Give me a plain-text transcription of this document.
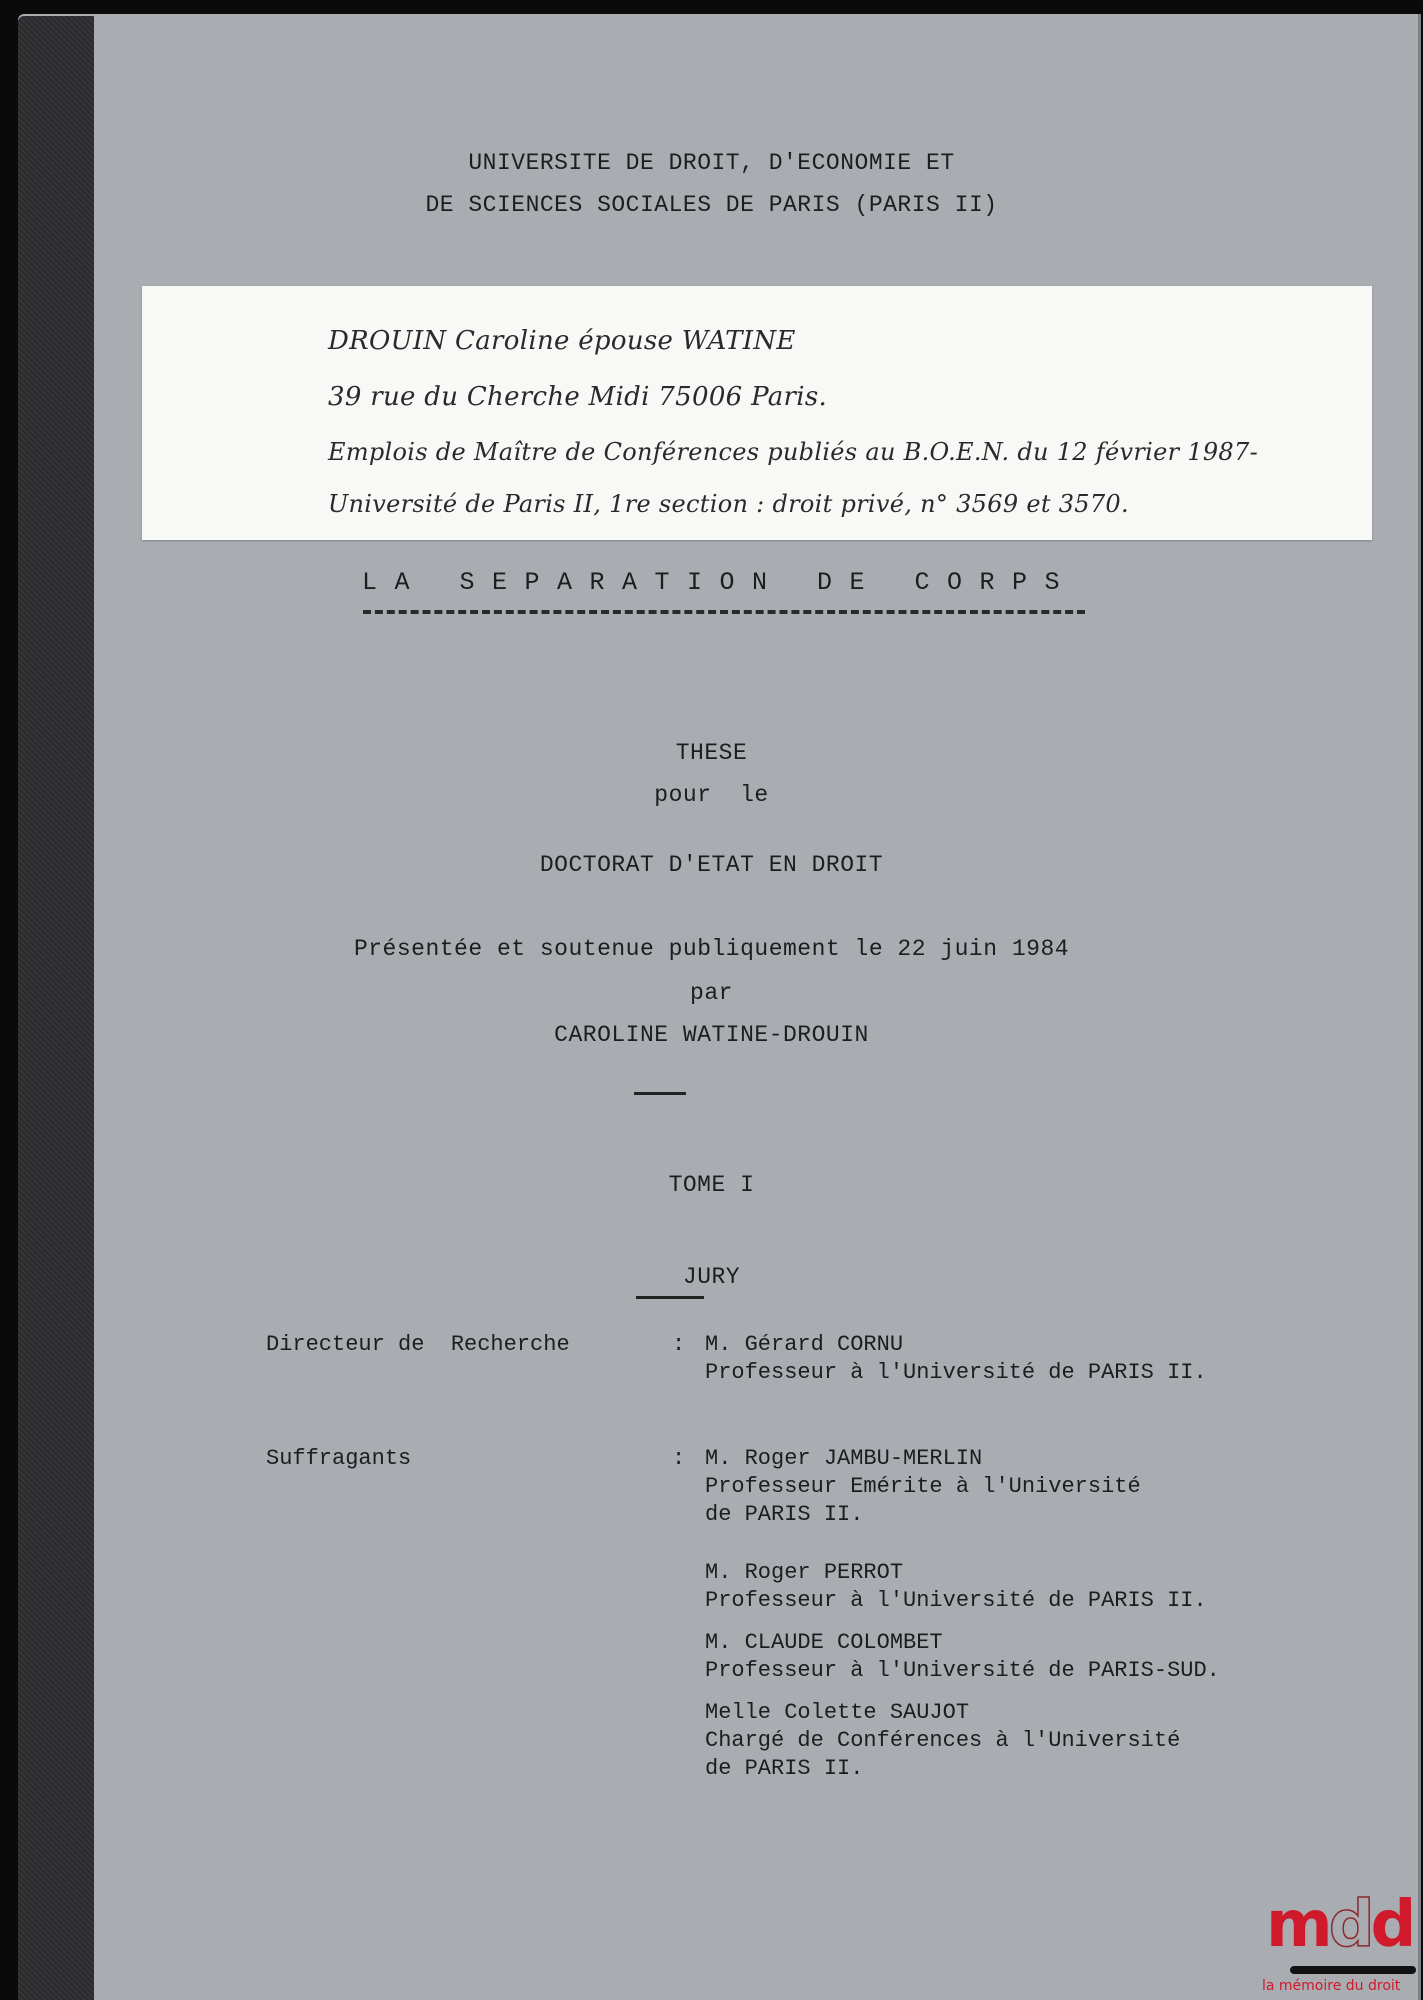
UNIVERSITE DE DROIT, D'ECONOMIE ET
DE SCIENCES SOCIALES DE PARIS (PARIS II)
DROUIN Caroline épouse WATINE
39 rue du Cherche Midi 75006 Paris.
Emplois de Maître de Conférences publiés au B.O.E.N. du 12 février 1987-
Université de Paris II, 1re section : droit privé, n° 3569 et 3570.
LA SEPARATION DE CORPS
THESE
pour  le
DOCTORAT D'ETAT EN DROIT
Présentée et soutenue publiquement le 22 juin 1984
par
CAROLINE WATINE-DROUIN
TOME I
JURY
Directeur de  Recherche	: M. Gérard CORNU
Professeur à l'Université de PARIS II.
Suffragants	: M. Roger JAMBU-MERLIN
Professeur Emérite à l'Université
de PARIS II.
M. Roger PERROT
Professeur à l'Université de PARIS II.
M. CLAUDE COLOMBET
Professeur à l'Université de PARIS-SUD.
Melle Colette SAUJOT
Chargé de Conférences à l'Université
de PARIS II.
mdd
la mémoire du droit
